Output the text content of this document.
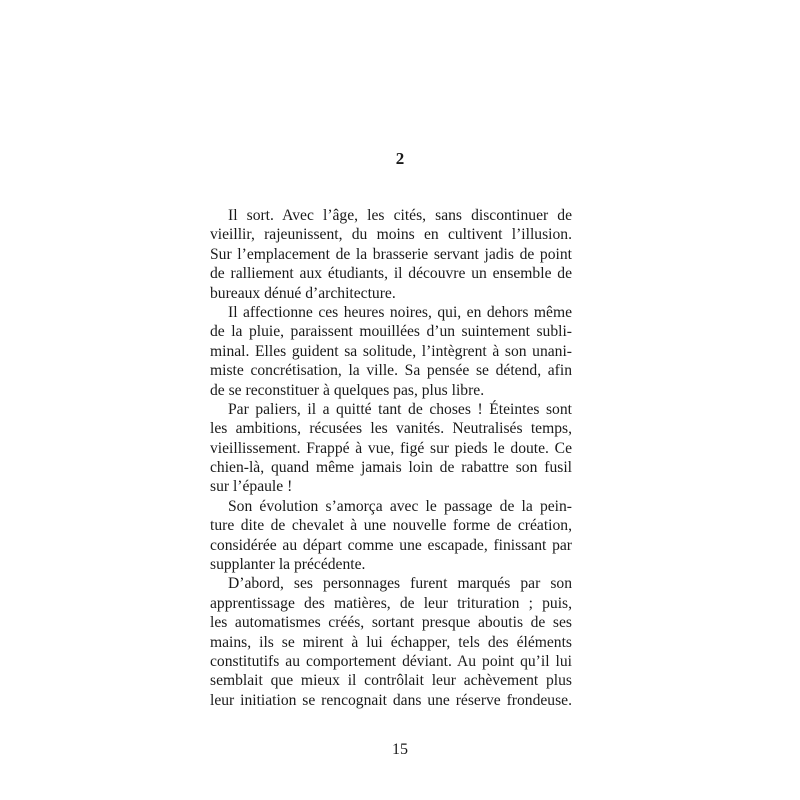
2
Il sort. Avec l’âge, les cités, sans discontinuer de
vieillir, rajeunissent, du moins en cultivent l’illusion.
Sur l’emplacement de la brasserie servant jadis de point
de ralliement aux étudiants, il découvre un ensemble de
bureaux dénué d’architecture.
Il affectionne ces heures noires, qui, en dehors même
de la pluie, paraissent mouillées d’un suintement subli-
minal. Elles guident sa solitude, l’intègrent à son unani-
miste concrétisation, la ville. Sa pensée se détend, afin
de se reconstituer à quelques pas, plus libre.
Par paliers, il a quitté tant de choses ! Éteintes sont
les ambitions, récusées les vanités. Neutralisés temps,
vieillissement. Frappé à vue, figé sur pieds le doute. Ce
chien-là, quand même jamais loin de rabattre son fusil
sur l’épaule !
Son évolution s’amorça avec le passage de la pein-
ture dite de chevalet à une nouvelle forme de création,
considérée au départ comme une escapade, finissant par
supplanter la précédente.
D’abord, ses personnages furent marqués par son
apprentissage des matières, de leur trituration ; puis,
les automatismes créés, sortant presque aboutis de ses
mains, ils se mirent à lui échapper, tels des éléments
constitutifs au comportement déviant. Au point qu’il lui
semblait que mieux il contrôlait leur achèvement plus
leur initiation se rencognait dans une réserve frondeuse.
15
